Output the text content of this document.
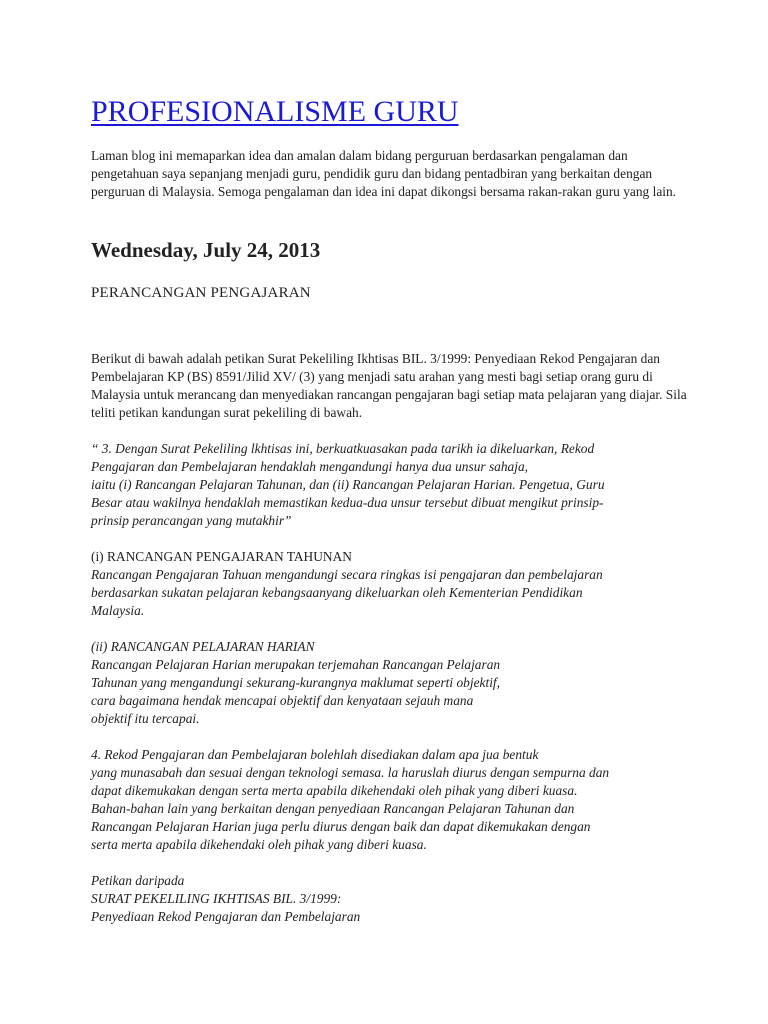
PROFESIONALISME GURU

Laman blog ini memaparkan idea dan amalan dalam bidang perguruan berdasarkan pengalaman dan pengetahuan saya sepanjang menjadi guru, pendidik guru dan bidang pentadbiran yang berkaitan dengan perguruan di Malaysia. Semoga pengalaman dan idea ini dapat dikongsi bersama rakan-rakan guru yang lain.

Wednesday, July 24, 2013
PERANCANGAN PENGAJARAN

Berikut di bawah adalah petikan Surat Pekeliling Ikhtisas BIL. 3/1999: Penyediaan Rekod Pengajaran dan Pembelajaran KP (BS) 8591/Jilid XV/ (3) yang menjadi satu arahan yang mesti bagi setiap orang guru di Malaysia untuk merancang dan menyediakan rancangan pengajaran bagi setiap mata pelajaran yang diajar. Sila teliti petikan kandungan surat pekeliling di bawah.

“ 3. Dengan Surat Pekeliling lkhtisas ini, berkuatkuasakan pada tarikh ia dikeluarkan, Rekod
Pengajaran dan Pembelajaran hendaklah mengandungi hanya dua unsur sahaja,
iaitu (i) Rancangan Pelajaran Tahunan, dan (ii) Rancangan Pelajaran Harian. Pengetua, Guru
Besar atau wakilnya hendaklah memastikan kedua-dua unsur tersebut dibuat mengikut prinsip-
prinsip perancangan yang mutakhir”

(i) RANCANGAN PENGAJARAN TAHUNAN
Rancangan Pengajaran Tahuan mengandungi secara ringkas isi pengajaran dan pembelajaran
berdasarkan sukatan pelajaran kebangsaanyang dikeluarkan oleh Kementerian Pendidikan
Malaysia.

(ii) RANCANGAN PELAJARAN HARIAN
Rancangan Pelajaran Harian merupakan terjemahan Rancangan Pelajaran
Tahunan yang mengandungi sekurang-kurangnya maklumat seperti objektif,
cara bagaimana hendak mencapai objektif dan kenyataan sejauh mana
objektif itu tercapai.

4. Rekod Pengajaran dan Pembelajaran bolehlah disediakan dalam apa jua bentuk
yang munasabah dan sesuai dengan teknologi semasa. la haruslah diurus dengan sempurna dan
dapat dikemukakan dengan serta merta apabila dikehendaki oleh pihak yang diberi kuasa.
Bahan-bahan lain yang berkaitan dengan penyediaan Rancangan Pelajaran Tahunan dan
Rancangan Pelajaran Harian juga perlu diurus dengan baik dan dapat dikemukakan dengan
serta merta apabila dikehendaki oleh pihak yang diberi kuasa.

Petikan daripada
SURAT PEKELILING IKHTISAS BIL. 3/1999:
Penyediaan Rekod Pengajaran dan Pembelajaran
